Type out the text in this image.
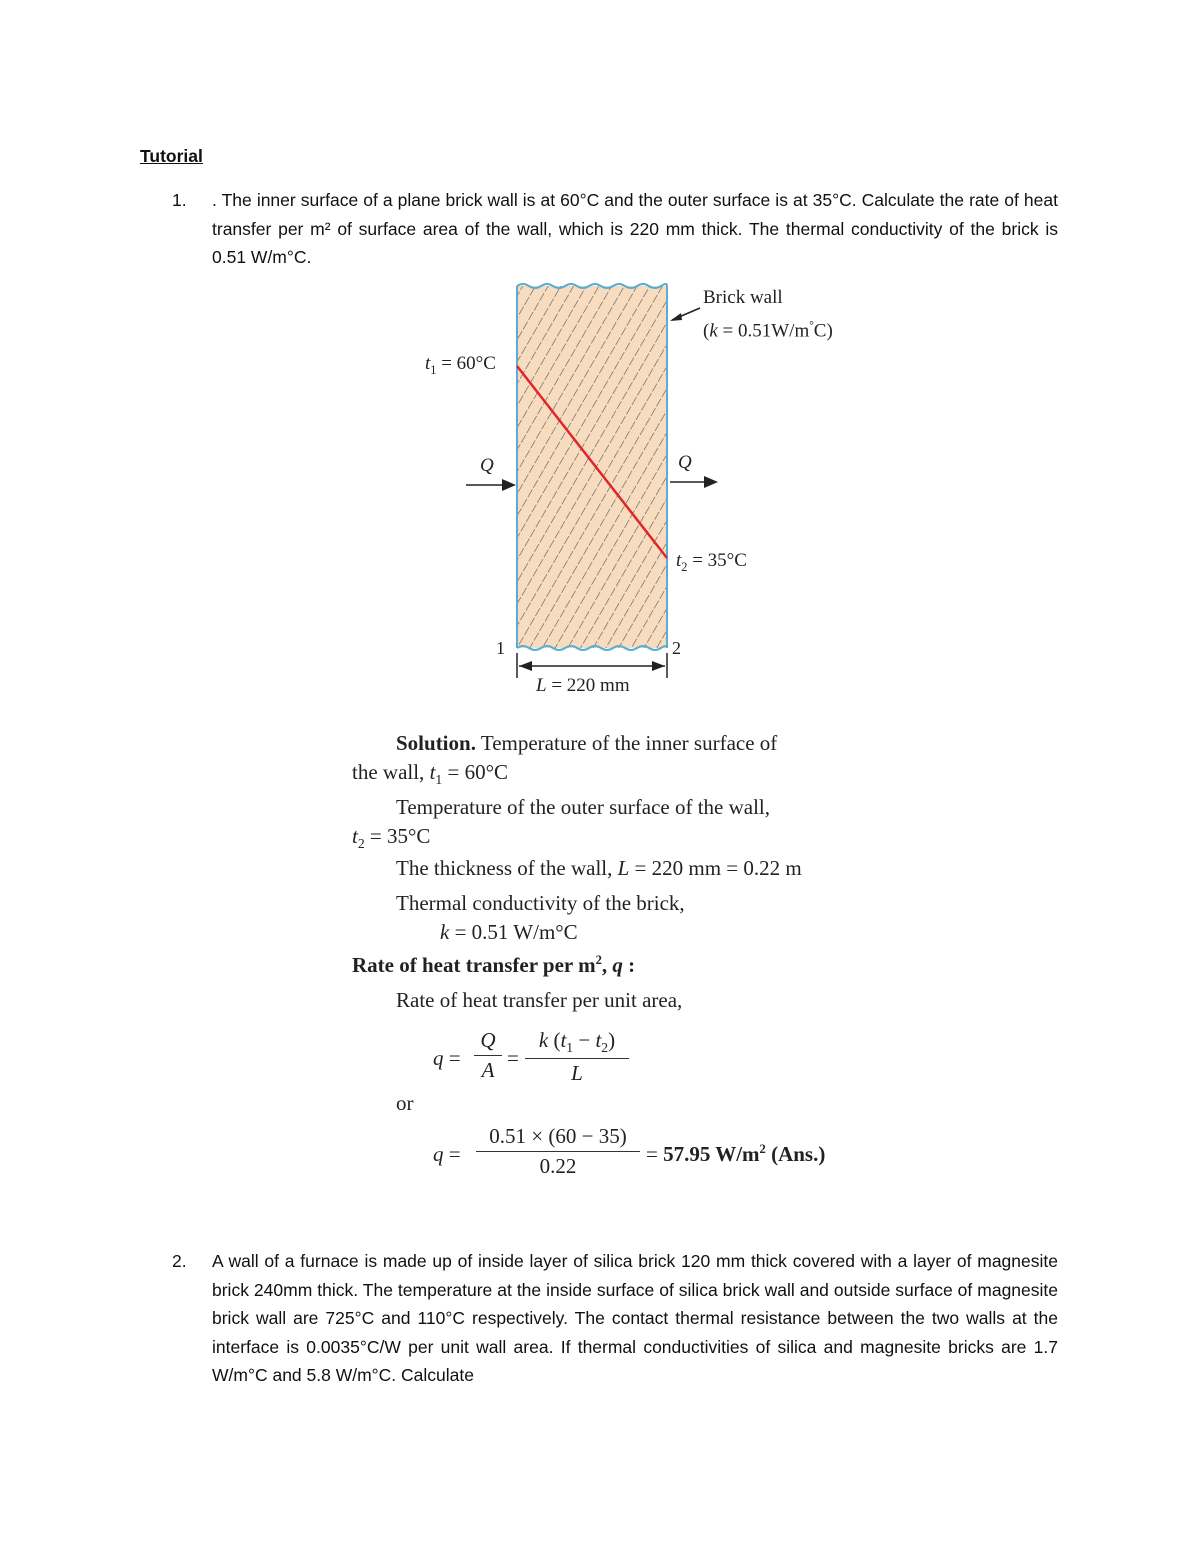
Tutorial
1.	. The inner surface of a plane brick wall is at 60°C and the outer surface is at 35°C. Calculate the rate of heat transfer per m² of surface area of the wall, which is 220 mm thick. The thermal conductivity of the brick is 0.51 W/m°C.
Brick wall
(k = 0.51W/m°C)
$t_1 = 60^\circ C$
Q	Q
$t_2 = 35^\circ C$
1	2
L = 220 mm
Solution. Temperature of the inner surface of
the wall, $t_1 = 60^\circ C$
Temperature of the outer surface of the wall,
$t_2 = 35^\circ C$
The thickness of the wall, L = 220 mm = 0.22 m
Thermal conductivity of the brick,
k = 0.51 W/m°C
Rate of heat transfer per $m^2$, q :
Rate of heat transfer per unit area,
q =
Q
A =
k $(t_1 - t_2)$
L
or
q =
0.51 × (60 − 35)
0.22	= 57.95 $W/m^2$ (Ans.)
2.	A wall of a furnace is made up of inside layer of silica brick 120 mm thick covered with a layer of magnesite brick 240mm thick. The temperature at the inside surface of silica brick wall and outside surface of magnesite brick wall are 725°C and 110°C respectively. The contact thermal resistance between the two walls at the interface is 0.0035°C/W per unit wall area. If thermal conductivities of silica and magnesite bricks are 1.7 W/m°C and 5.8 W/m°C. Calculate
